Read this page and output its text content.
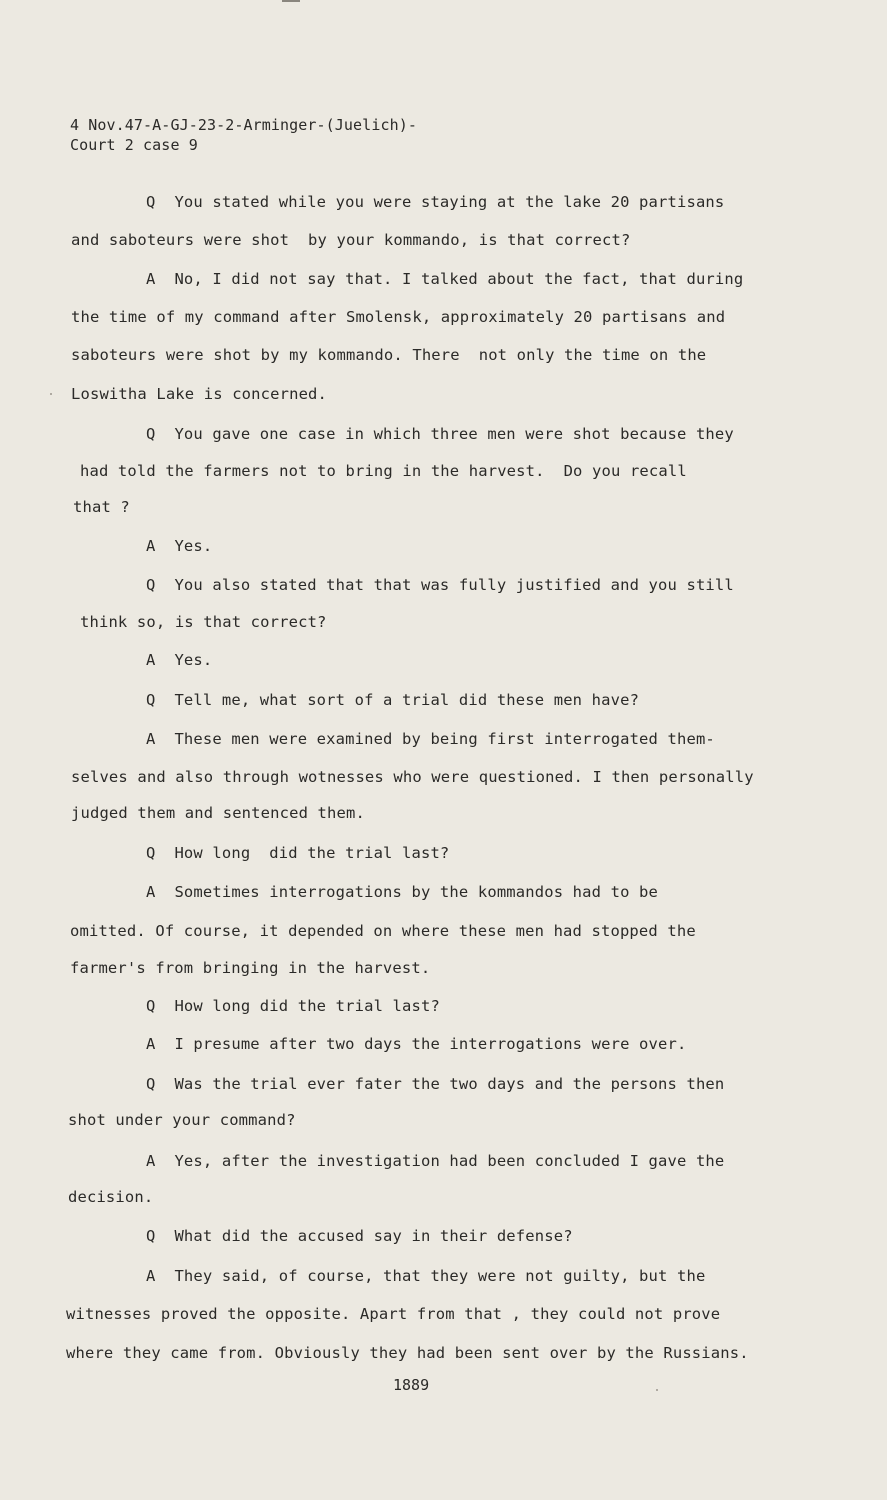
4 Nov.47-A-GJ-23-2-Arminger-(Juelich)-
Court 2 case 9
Q  You stated while you were staying at the lake 20 partisans
and saboteurs were shot  by your kommando, is that correct?
A  No, I did not say that. I talked about the fact, that during
the time of my command after Smolensk, approximately 20 partisans and
saboteurs were shot by my kommando. There  not only the time on the
Loswitha Lake is concerned.
Q  You gave one case in which three men were shot because they
had told the farmers not to bring in the harvest.  Do you recall
that ?
A  Yes.
Q  You also stated that that was fully justified and you still
think so, is that correct?
A  Yes.
Q  Tell me, what sort of a trial did these men have?
A  These men were examined by being first interrogated them-
selves and also through wotnesses who were questioned. I then personally
judged them and sentenced them.
Q  How long  did the trial last?
A  Sometimes interrogations by the kommandos had to be
omitted. Of course, it depended on where these men had stopped the
farmer's from bringing in the harvest.
Q  How long did the trial last?
A  I presume after two days the interrogations were over.
Q  Was the trial ever fater the two days and the persons then
shot under your command?
A  Yes, after the investigation had been concluded I gave the
decision.
Q  What did the accused say in their defense?
A  They said, of course, that they were not guilty, but the
witnesses proved the opposite. Apart from that , they could not prove
where they came from. Obviously they had been sent over by the Russians.
1889
